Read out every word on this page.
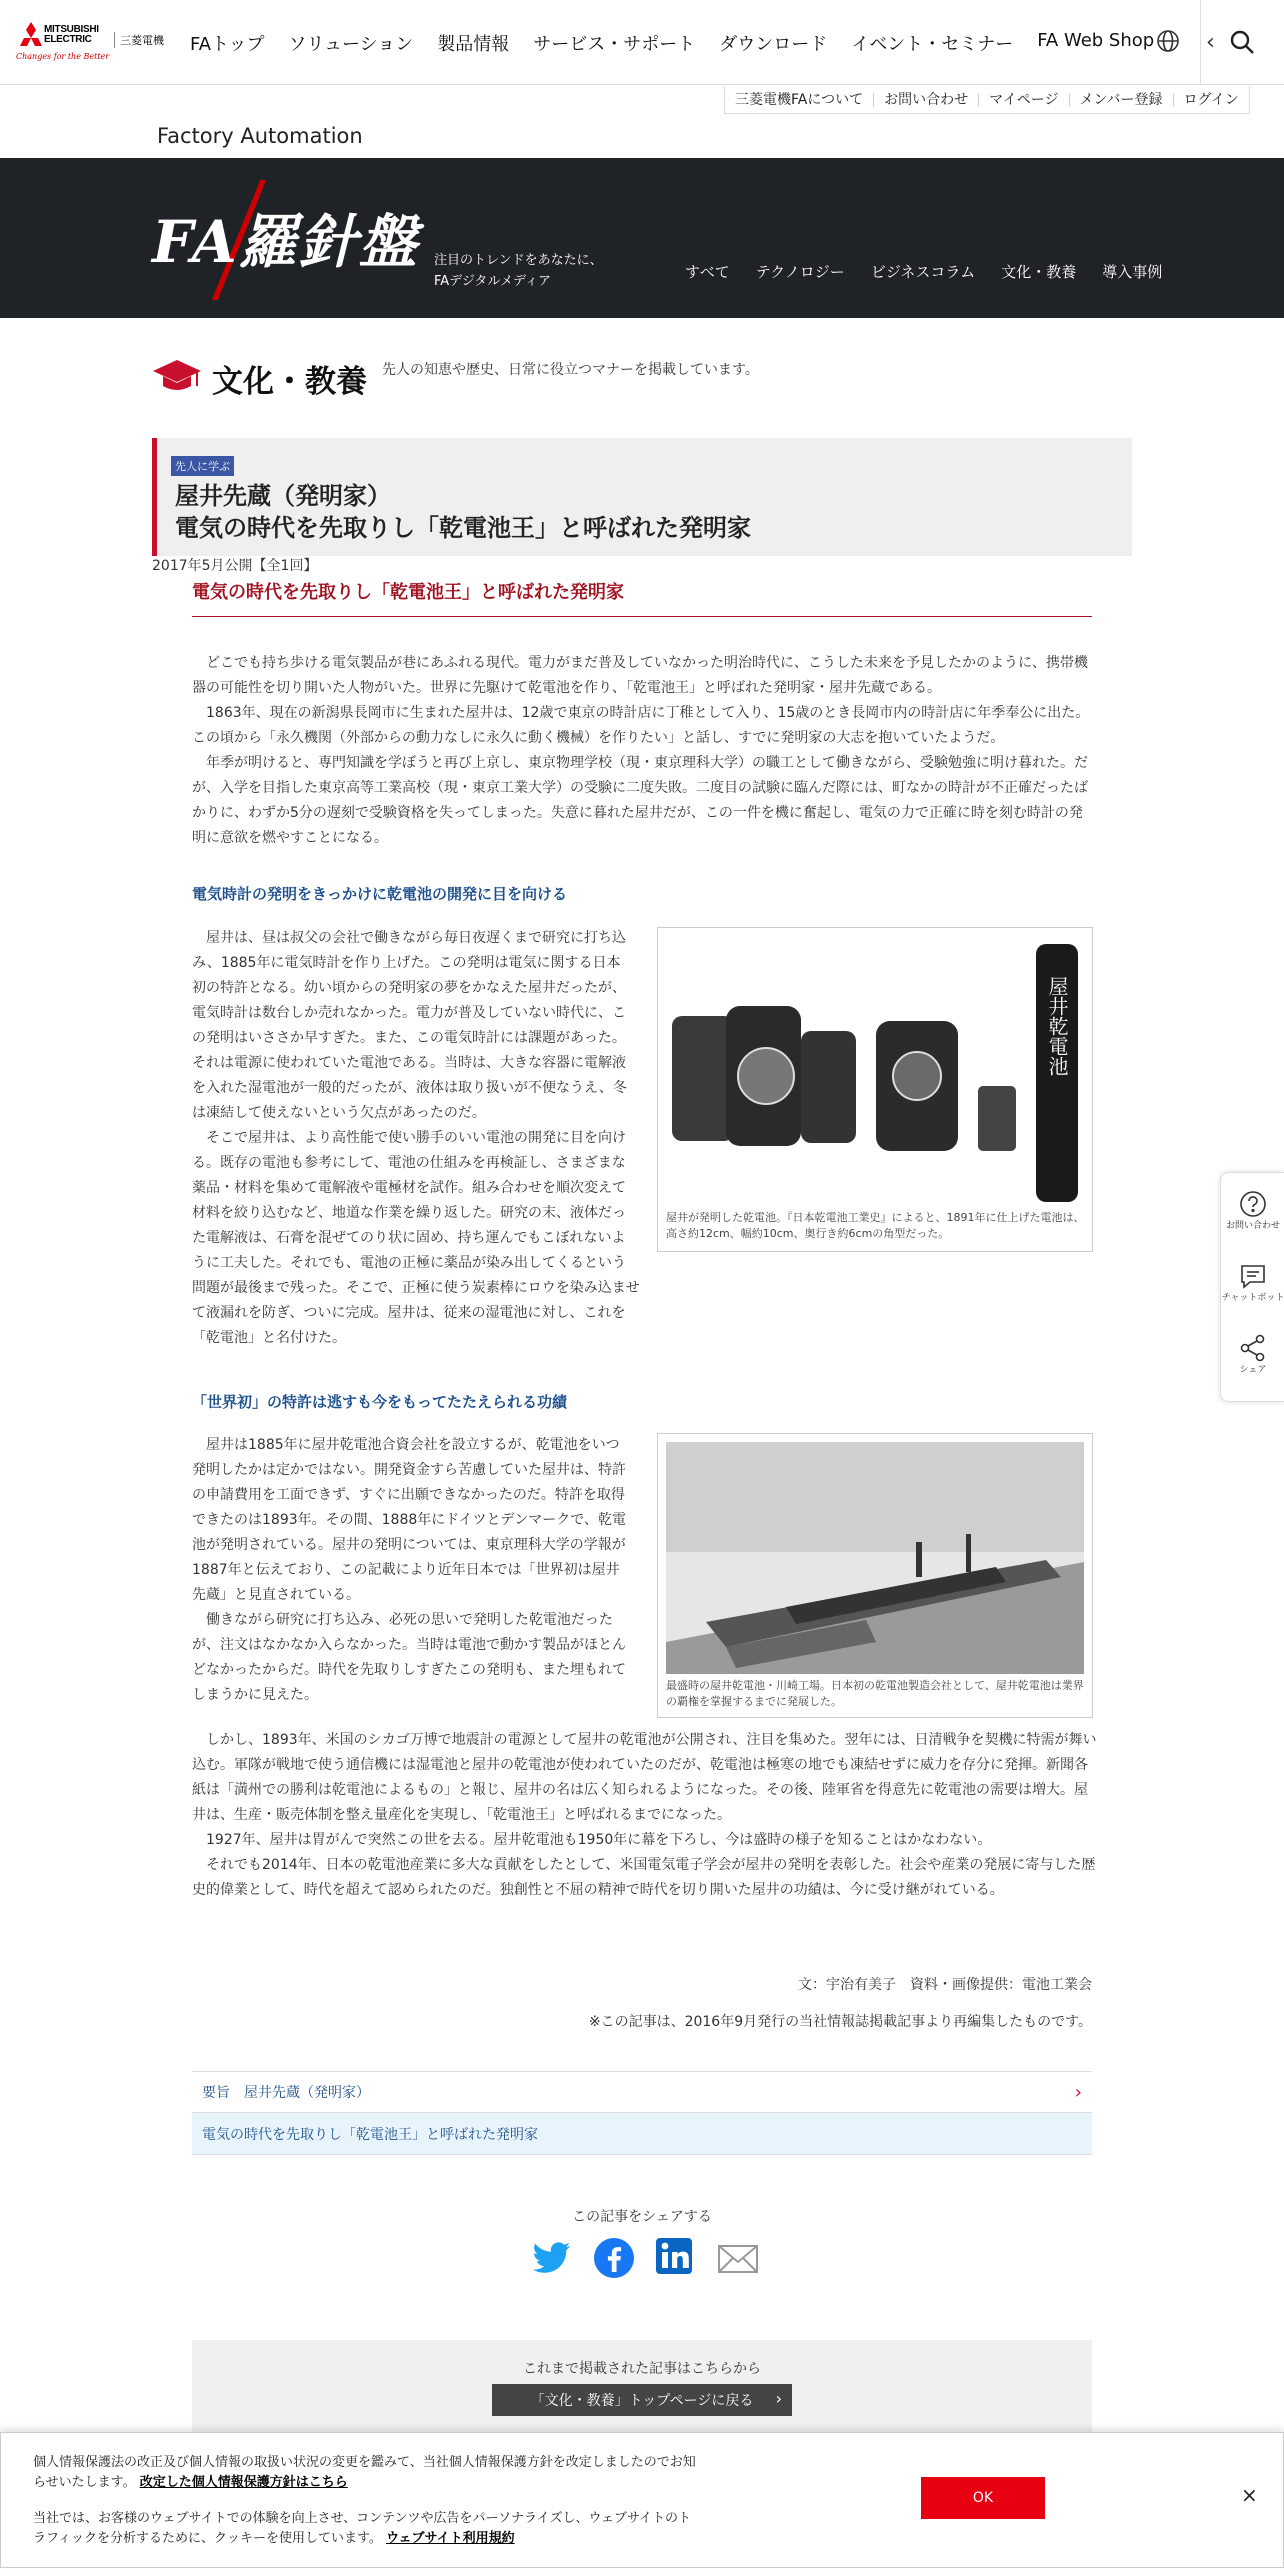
MITSUBISHI
ELECTRIC	三菱電機
Changes for the Better
FAトップ ソリューション 製品情報 サービス・サポート ダウンロード イベント・セミナー FA Web Shop ‹
三菱電機FAについて	お問い合わせ	マイページ	メンバー登録	ログイン
Factory Automation
FA羅針盤 注目のトレンドをあなたに、
FAデジタルメディア
すべて テクノロジー ビジネスコラム 文化・教養 導入事例
文化・教養 先人の知恵や歴史、日常に役立つマナーを掲載しています。
先人に学ぶ
屋井先蔵（発明家）
電気の時代を先取りし「乾電池王」と呼ばれた発明家
2017年5月公開【全1回】
電気の時代を先取りし「乾電池王」と呼ばれた発明家
どこでも持ち歩ける電気製品が巷にあふれる現代。電力がまだ普及していなかった明治時代に、こうした未来を予見したかのように、携帯機
器の可能性を切り開いた人物がいた。世界に先駆けて乾電池を作り、「乾電池王」と呼ばれた発明家・屋井先蔵である。
1863年、現在の新潟県長岡市に生まれた屋井は、12歳で東京の時計店に丁稚として入り、15歳のとき長岡市内の時計店に年季奉公に出た。
この頃から「永久機関（外部からの動力なしに永久に動く機械）を作りたい」と話し、すでに発明家の大志を抱いていたようだ。
年季が明けると、専門知識を学ぼうと再び上京し、東京物理学校（現・東京理科大学）の職工として働きながら、受験勉強に明け暮れた。だ
が、入学を目指した東京高等工業高校（現・東京工業大学）の受験に二度失敗。二度目の試験に臨んだ際には、町なかの時計が不正確だったば
かりに、わずか5分の遅刻で受験資格を失ってしまった。失意に暮れた屋井だが、この一件を機に奮起し、電気の力で正確に時を刻む時計の発
明に意欲を燃やすことになる。
電気時計の発明をきっかけに乾電池の開発に目を向ける
屋井は、昼は叔父の会社で働きながら毎日夜遅くまで研究に打ち込
み、1885年に電気時計を作り上げた。この発明は電気に関する日本
初の特許となる。幼い頃からの発明家の夢をかなえた屋井だったが、
電気時計は数台しか売れなかった。電力が普及していない時代に、こ
の発明はいささか早すぎた。また、この電気時計には課題があった。
それは電源に使われていた電池である。当時は、大きな容器に電解液
を入れた湿電池が一般的だったが、液体は取り扱いが不便なうえ、冬
は凍結して使えないという欠点があったのだ。
そこで屋井は、より高性能で使い勝手のいい電池の開発に目を向け
る。既存の電池も参考にして、電池の仕組みを再検証し、さまざまな
薬品・材料を集めて電解液や電極材を試作。組み合わせを順次変えて
材料を絞り込むなど、地道な作業を繰り返した。研究の末、液体だっ
た電解液は、石膏を混ぜてのり状に固め、持ち運んでもこぼれないよ
うに工夫した。それでも、電池の正極に薬品が染み出してくるという
問題が最後まで残った。そこで、正極に使う炭素棒にロウを染み込ませ
て液漏れを防ぎ、ついに完成。屋井は、従来の湿電池に対し、これを
「乾電池」と名付けた。
屋井乾電池
屋井が発明した乾電池。『日本乾電池工業史』によると、1891年に仕上げた電池は、
高さ約12cm、幅約10cm、奥行き約6cmの角型だった。
「世界初」の特許は逃すも今をもってたたえられる功績
屋井は1885年に屋井乾電池合資会社を設立するが、乾電池をいつ
発明したかは定かではない。開発資金すら苦慮していた屋井は、特許
の申請費用を工面できず、すぐに出願できなかったのだ。特許を取得
できたのは1893年。その間、1888年にドイツとデンマークで、乾電
池が発明されている。屋井の発明については、東京理科大学の学報が
1887年と伝えており、この記載により近年日本では「世界初は屋井
先蔵」と見直されている。
働きながら研究に打ち込み、必死の思いで発明した乾電池だった
が、注文はなかなか入らなかった。当時は電池で動かす製品がほとん
どなかったからだ。時代を先取りしすぎたこの発明も、また埋もれて
しまうかに見えた。
最盛時の屋井乾電池・川崎工場。日本初の乾電池製造会社として、屋井乾電池は業界
の覇権を掌握するまでに発展した。
しかし、1893年、米国のシカゴ万博で地震計の電源として屋井の乾電池が公開され、注目を集めた。翌年には、日清戦争を契機に特需が舞い
込む。軍隊が戦地で使う通信機には湿電池と屋井の乾電池が使われていたのだが、乾電池は極寒の地でも凍結せずに威力を存分に発揮。新聞各
紙は「満州での勝利は乾電池によるもの」と報じ、屋井の名は広く知られるようになった。その後、陸軍省を得意先に乾電池の需要は増大。屋
井は、生産・販売体制を整え量産化を実現し、「乾電池王」と呼ばれるまでになった。
1927年、屋井は胃がんで突然この世を去る。屋井乾電池も1950年に幕を下ろし、今は盛時の様子を知ることはかなわない。
それでも2014年、日本の乾電池産業に多大な貢献をしたとして、米国電気電子学会が屋井の発明を表彰した。社会や産業の発展に寄与した歴
史的偉業として、時代を超えて認められたのだ。独創性と不屈の精神で時代を切り開いた屋井の功績は、今に受け継がれている。
文：宇治有美子　資料・画像提供：電池工業会
※この記事は、2016年9月発行の当社情報誌掲載記事より再編集したものです。
要旨　屋井先蔵（発明家）	›
電気の時代を先取りし「乾電池王」と呼ばれた発明家
この記事をシェアする
これまで掲載された記事はこちらから
「文化・教養」トップページに戻る ›
お問い合わせ
チャットボット
シェア
個人情報保護法の改正及び個人情報の取扱い状況の変更を鑑みて、当社個人情報保護方針を改定しましたのでお知
らせいたします。 改定した個人情報保護方針はこちら
当社では、お客様のウェブサイトでの体験を向上させ、コンテンツや広告をパーソナライズし、ウェブサイトのト
ラフィックを分析するために、クッキーを使用しています。 ウェブサイト利用規約
OK	×
